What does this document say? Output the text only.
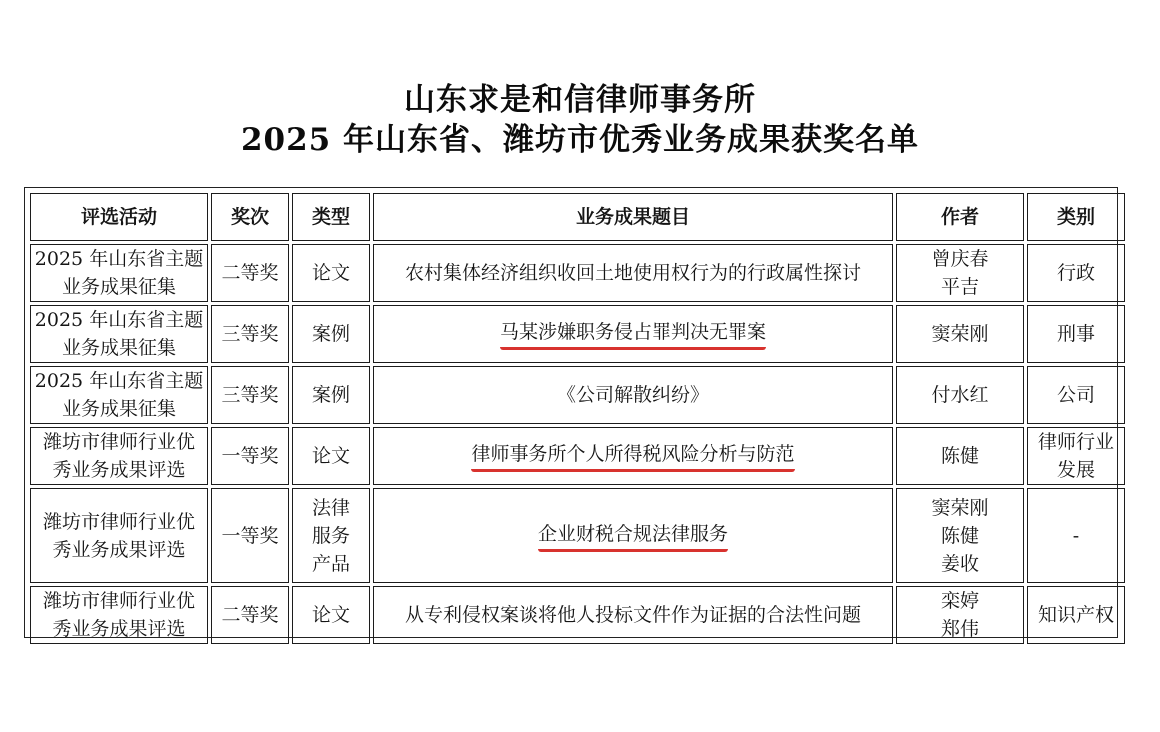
山东求是和信律师事务所
2025 年山东省、潍坊市优秀业务成果获奖名单
评选活动	奖次	类型	业务成果题目	作者	类别

2025 年山东省主题
业务成果征集	二等奖	论文	农村集体经济组织收回土地使用权行为的行政属性探讨	曾庆春
平吉	行政

2025 年山东省主题
业务成果征集	三等奖	案例	马某涉嫌职务侵占罪判决无罪案	窦荣刚	刑事

2025 年山东省主题
业务成果征集	三等奖	案例	《公司解散纠纷》	付水红	公司

潍坊市律师行业优
秀业务成果评选	一等奖	论文	律师事务所个人所得税风险分析与防范	陈健	律师行业
发展

潍坊市律师行业优
秀业务成果评选	一等奖	法律
服务
产品	企业财税合规法律服务	窦荣刚
陈健
姜收	-

潍坊市律师行业优
秀业务成果评选	二等奖	论文	从专利侵权案谈将他人投标文件作为证据的合法性问题	栾婷
郑伟	知识产权
